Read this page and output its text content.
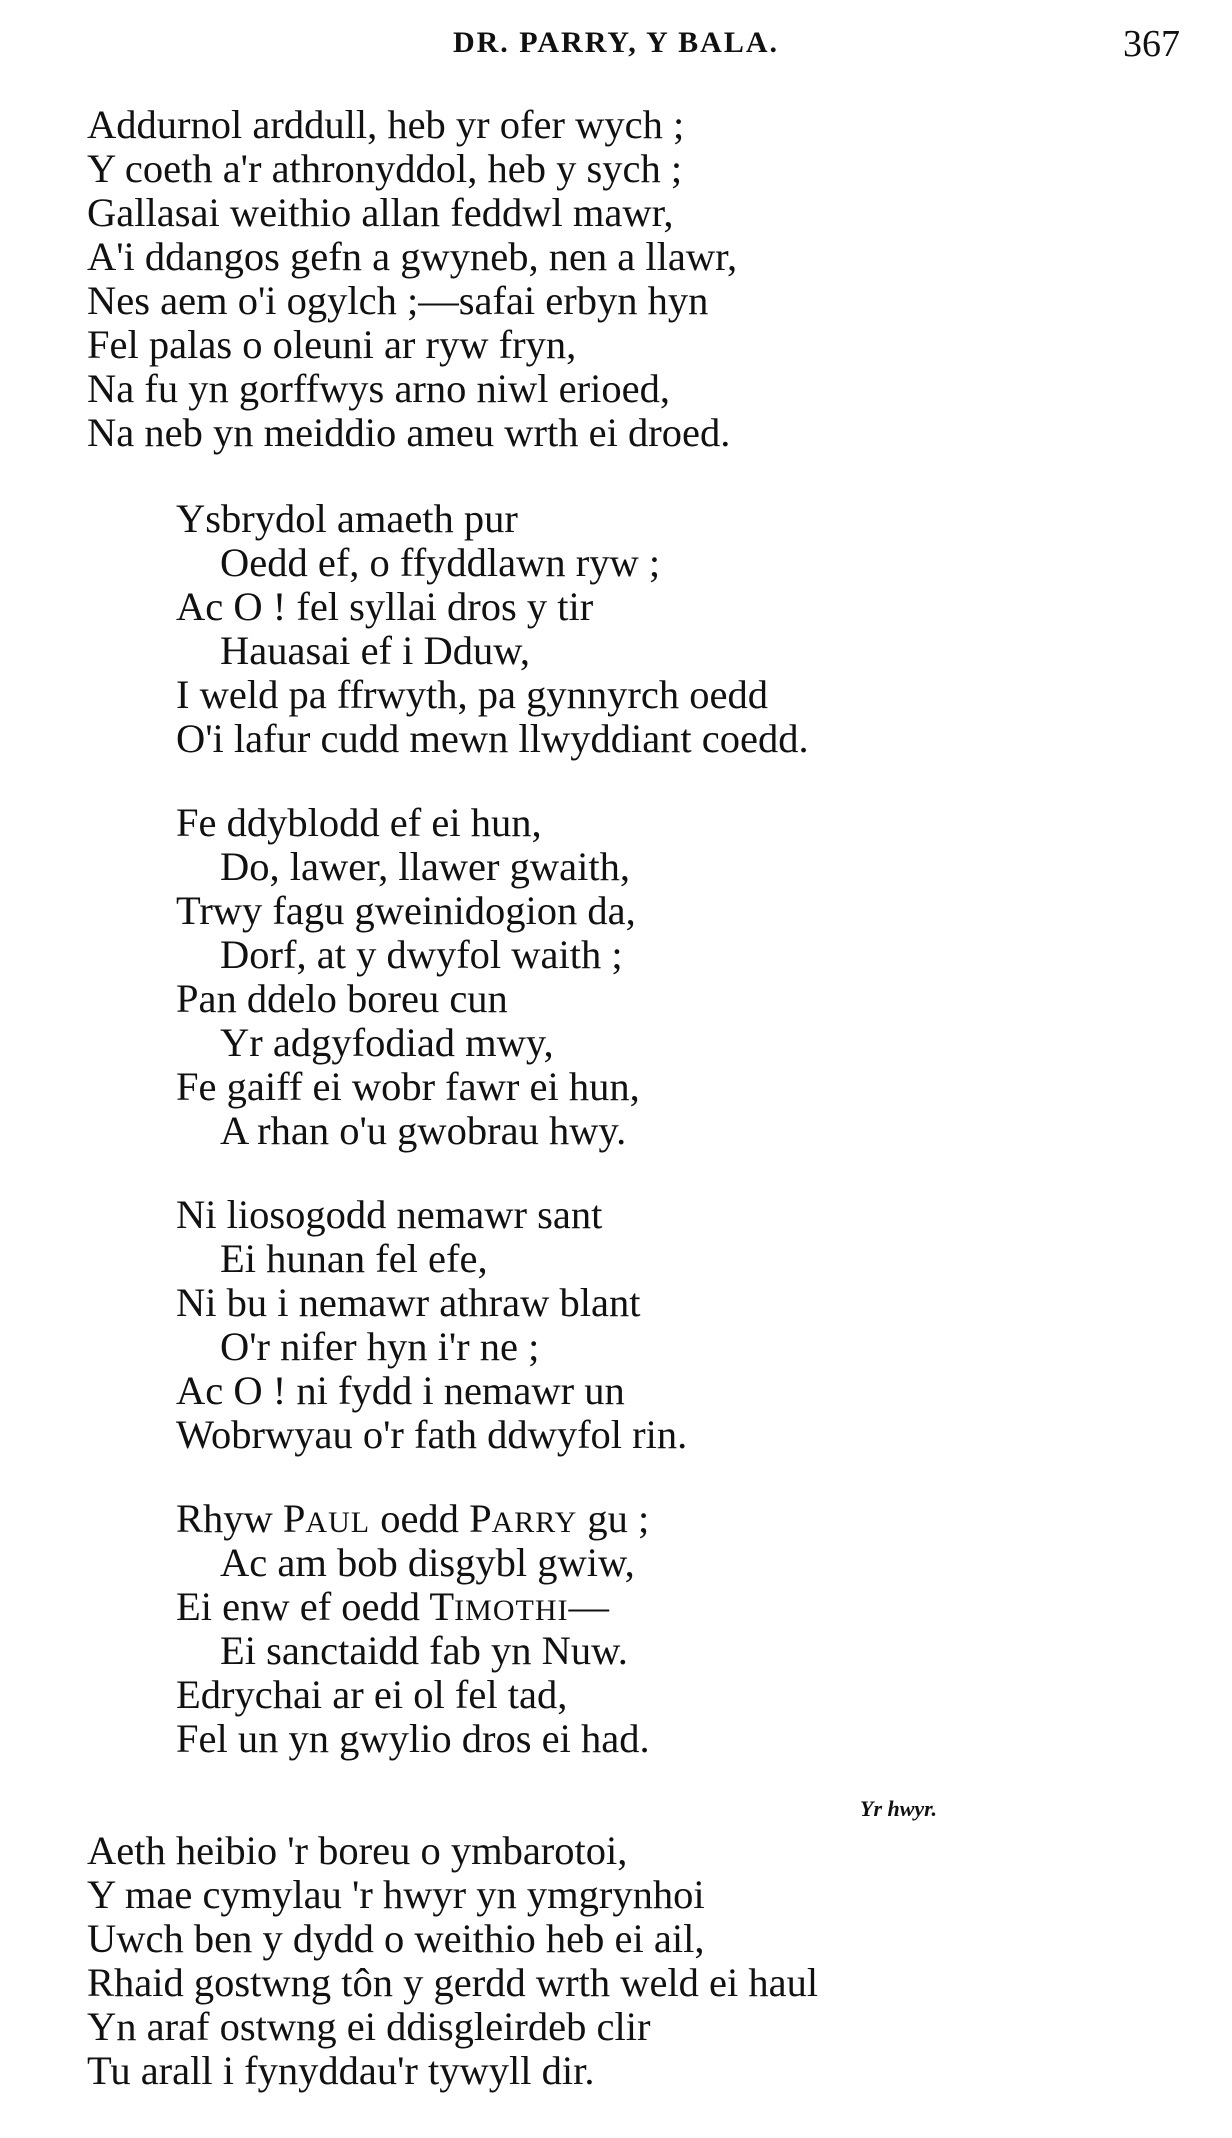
DR. PARRY, Y BALA.	367
Addurnol arddull, heb yr ofer wych ;
Y coeth a'r athronyddol, heb y sych ;
Gallasai weithio allan feddwl mawr,
A'i ddangos gefn a gwyneb, nen a llawr,
Nes aem o'i ogylch ;—safai erbyn hyn
Fel palas o oleuni ar ryw fryn,
Na fu yn gorffwys arno niwl erioed,
Na neb yn meiddio ameu wrth ei droed.
Ysbrydol amaeth pur
Oedd ef, o ffyddlawn ryw ;
Ac O ! fel syllai dros y tir
Hauasai ef i Dduw,
I weld pa ffrwyth, pa gynnyrch oedd
O'i lafur cudd mewn llwyddiant coedd.
Fe ddyblodd ef ei hun,
Do, lawer, llawer gwaith,
Trwy fagu gweinidogion da,
Dorf, at y dwyfol waith ;
Pan ddelo boreu cun
Yr adgyfodiad mwy,
Fe gaiff ei wobr fawr ei hun,
A rhan o'u gwobrau hwy.
Ni liosogodd nemawr sant
Ei hunan fel efe,
Ni bu i nemawr athraw blant
O'r nifer hyn i'r ne ;
Ac O ! ni fydd i nemawr un
Wobrwyau o'r fath ddwyfol rin.
Rhyw PAUL oedd PARRY gu ;
Ac am bob disgybl gwiw,
Ei enw ef oedd TIMOTHI—
Ei sanctaidd fab yn Nuw.
Edrychai ar ei ol fel tad,
Fel un yn gwylio dros ei had.
Yr hwyr.
Aeth heibio 'r boreu o ymbarotoi,
Y mae cymylau 'r hwyr yn ymgrynhoi
Uwch ben y dydd o weithio heb ei ail,
Rhaid gostwng tôn y gerdd wrth weld ei haul
Yn araf ostwng ei ddisgleirdeb clir
Tu arall i fynyddau'r tywyll dir.
